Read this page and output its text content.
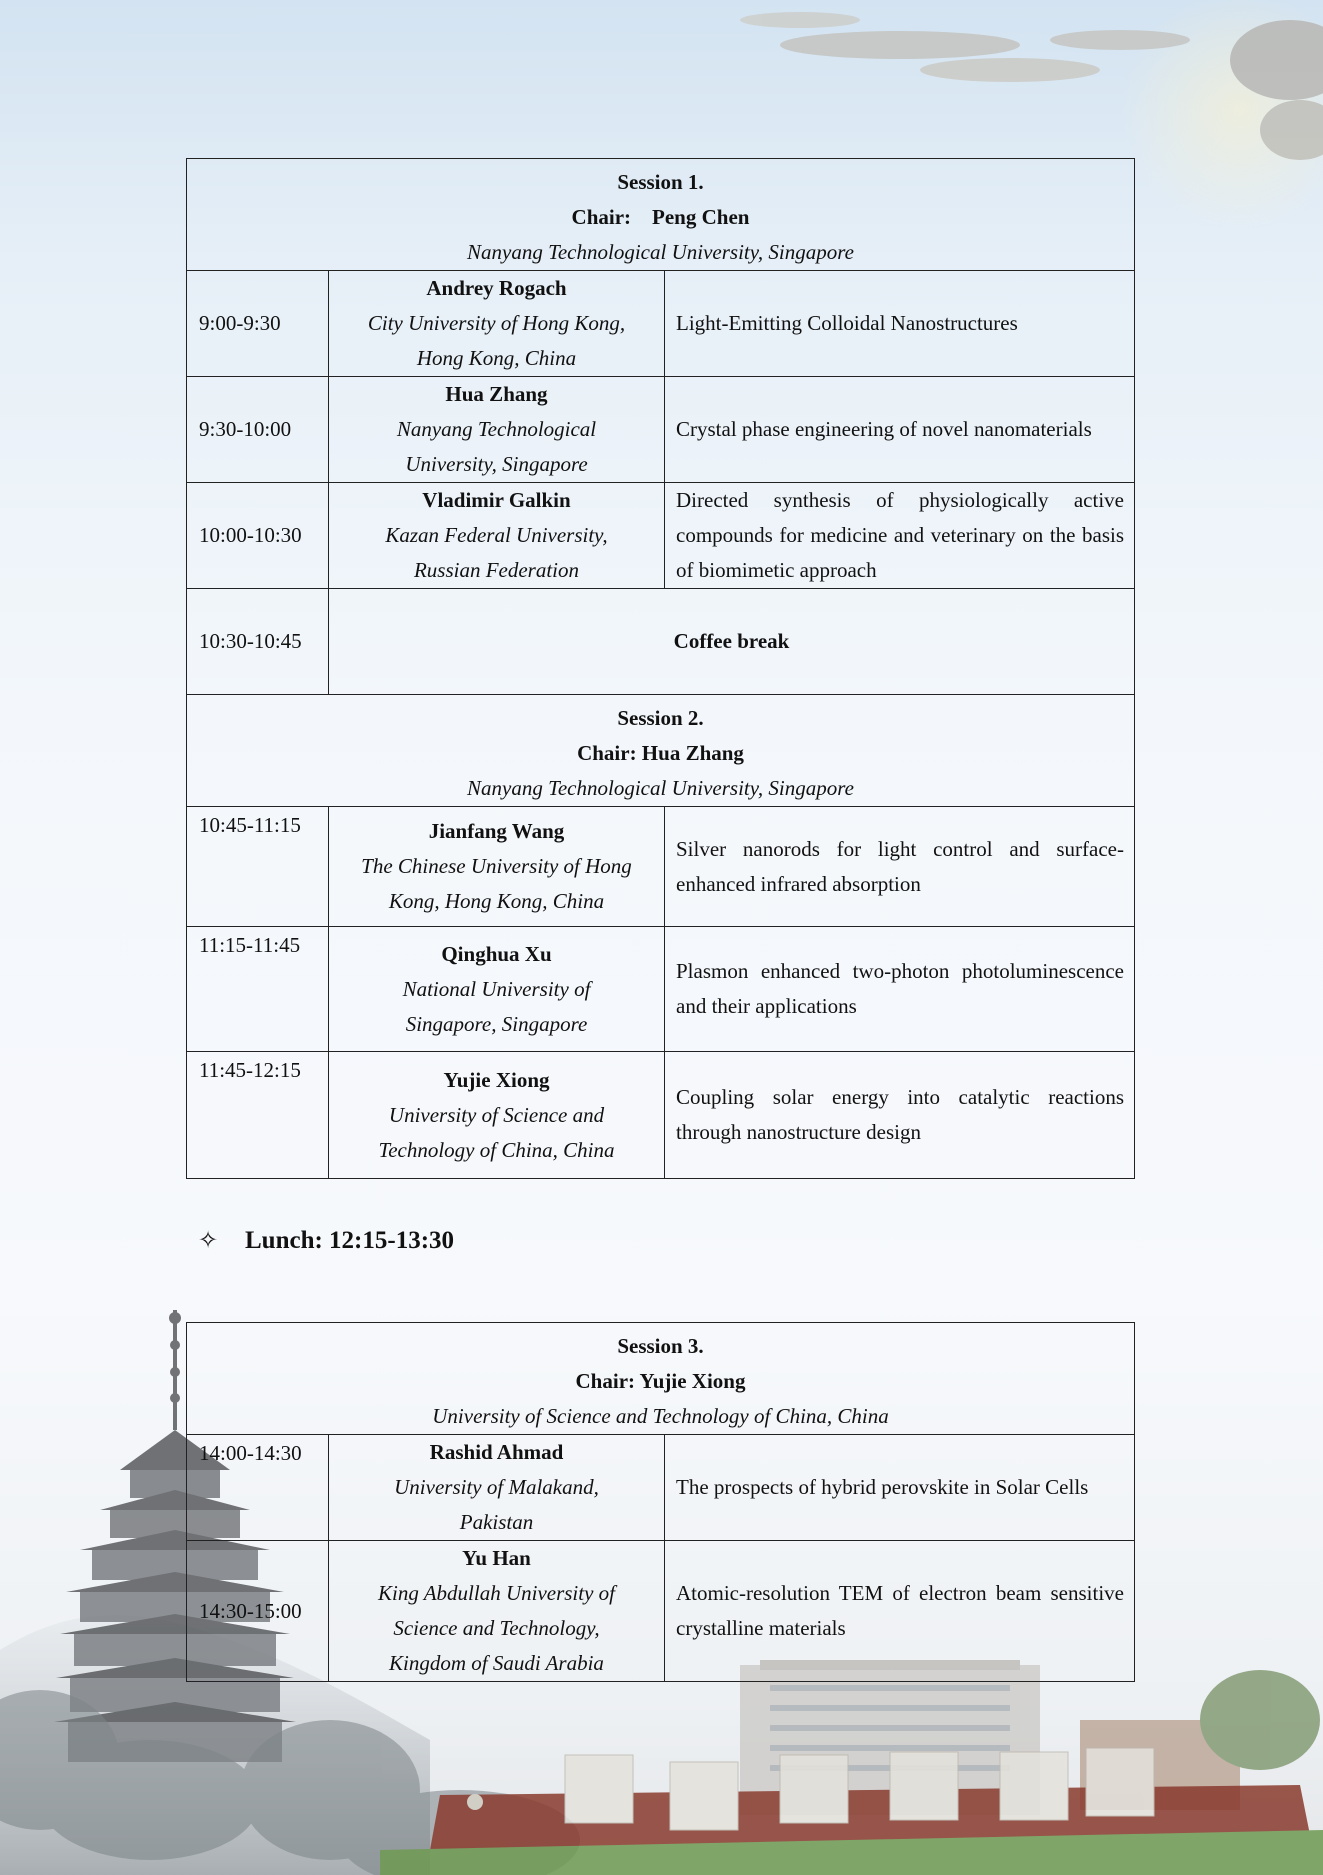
Session 1.
Chair:    Peng Chen
Nanyang Technological University, Singapore		

9:00-9:30	Andrey Rogach
City University of Hong Kong,
Hong Kong, China	Light-Emitting Colloidal Nanostructures
9:30-10:00	Hua Zhang
Nanyang Technological
University, Singapore	Crystal phase engineering of novel nanomaterials
10:00-10:30	Vladimir Galkin
Kazan Federal University,
Russian Federation	Directed synthesis of physiologically active compounds for medicine and veterinary on the basis of biomimetic approach
10:30-10:45	Coffee break	

Session 2.
Chair: Hua Zhang
Nanyang Technological University, Singapore		

10:45-11:15	Jianfang Wang
The Chinese University of Hong
Kong, Hong Kong, China	Silver nanorods for light control and surface-enhanced infrared absorption
11:15-11:45	Qinghua Xu
National University of
Singapore, Singapore	Plasmon enhanced two-photon photoluminescence and their applications
11:45-12:15	Yujie Xiong
University of Science and
Technology of China, China	Coupling solar energy into catalytic reactions through nanostructure design
✧	Lunch: 12:15-13:30
Session 3.
Chair: Yujie Xiong
University of Science and Technology of China, China		

14:00-14:30	Rashid Ahmad
University of Malakand,
Pakistan	The prospects of hybrid perovskite in Solar Cells
14:30-15:00	Yu Han
King Abdullah University of
Science and Technology,
Kingdom of Saudi Arabia	Atomic-resolution TEM of electron beam sensitive crystalline materials
